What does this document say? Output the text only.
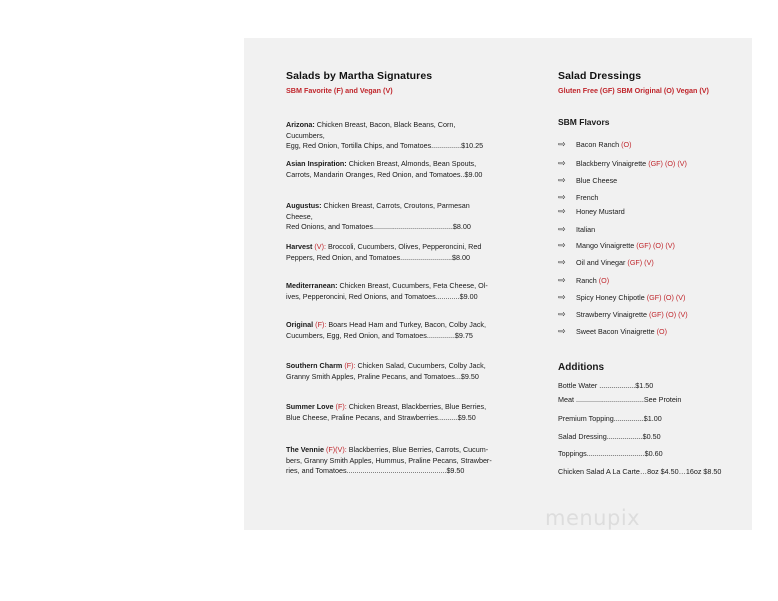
Salads by Martha Signatures
SBM Favorite (F) and Vegan (V)
Arizona: Chicken Breast, Bacon, Black Beans, Corn, Cucumbers,
Egg, Red Onion, Tortilla Chips, and Tomatoes...............$10.25
Asian Inspiration: Chicken Breast, Almonds, Bean Spouts,
Carrots, Mandarin Oranges, Red Onion, and Tomatoes..$9.00
Augustus: Chicken Breast, Carrots, Croutons, Parmesan Cheese,
Red Onions, and Tomatoes........................................$8.00
Harvest (V): Broccoli, Cucumbers, Olives, Pepperoncini, Red
Peppers, Red Onion, and Tomatoes..........................$8.00
Mediterranean: Chicken Breast, Cucumbers, Feta Cheese, Ol-
ives, Pepperoncini, Red Onions, and Tomatoes............$9.00
Original (F): Boars Head Ham and Turkey, Bacon, Colby Jack,
Cucumbers, Egg, Red Onion, and Tomatoes..............$9.75
Southern Charm (F): Chicken Salad, Cucumbers, Colby Jack,
Granny Smith Apples, Praline Pecans, and Tomatoes...$9.50
Summer Love (F): Chicken Breast, Blackberries, Blue Berries,
Blue Cheese, Praline Pecans, and Strawberries..........$9.50
The Vennie (F)(V): Blackberries, Blue Berries, Carrots, Cucum-
bers, Granny Smith Apples, Hummus, Praline Pecans, Strawber-
ries, and Tomatoes..................................................$9.50
Salad Dressings
Gluten Free (GF) SBM Original (O) Vegan (V)
SBM Flavors
⇨ Bacon Ranch (O)
⇨ Blackberry Vinaigrette (GF) (O) (V)
⇨ Blue Cheese
⇨ French
⇨ Honey Mustard
⇨ Italian
⇨ Mango Vinaigrette (GF) (O) (V)
⇨ Oil and Vinegar (GF) (V)
⇨ Ranch (O)
⇨ Spicy Honey Chipotle (GF) (O) (V)
⇨ Strawberry Vinaigrette (GF) (O) (V)
⇨ Sweet Bacon Vinaigrette (O)
Additions
Bottle Water ..................$1.50
Meat ..................................See Protein
Premium Topping...............$1.00
Salad Dressing..................$0.50
Toppings.............................$0.60
Chicken Salad A La Carte…8oz $4.50…16oz $8.50
menupix
